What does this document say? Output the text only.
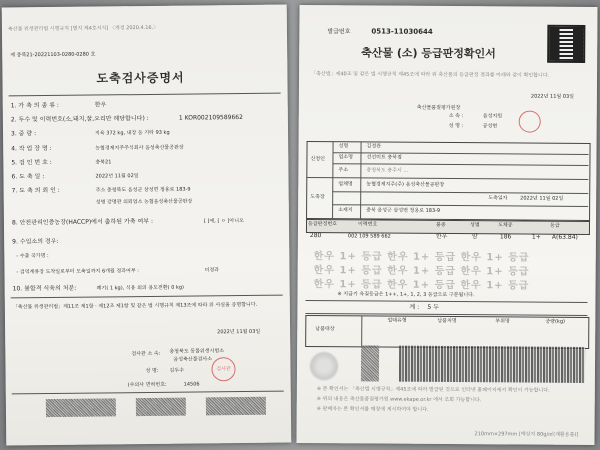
축산물 위생관리법 시행규칙 [별지 제4호서식] 〈개정 2020.4.16.〉
제 충북21-20221103-0280-0280 호
도축검사증명서
1. 가 축 의 종 류 :	한우
2. 두수 및 이력번호(소,돼지,꿀,오리만 해당합니다) :	1 KOR002109589662
3. 중 량 :	지육 372 kg, 내장 등 기타 93 kg
4. 작 업 장 명 :	농협경제지주주식회사 음성축산물공판장
5. 검 인 번 호 :	충북21
6. 도 축 일 :	2022년 11월 02일
7. 도 축 의 뢰 인 :	주소 충청북도 음성군 삼성면 청용로 183-9
성명 강명관 의뢰업소 농협음성축산물공판장
8. 안전관리인증농장(HACCP)에서 출하된 가축 여부 :	[ ]예, [ ㅇ ]아니오
9. 수입소의 경우:
- 수출 국가명 :
- 검역계류장 도착일로부터 도축일까지 6개월 경과여부 :	미경과
10. 불합격 식육의 처분:	폐기( 1 kg), 식용 외의 용도전환( 0 kg)
「축산물 위생관리법」제11조 제1항 · 제12조 제1항 및 같은 법 시행규칙 제13조에 따라 위 사실을 증명합니다.
2022년 11월 03일
검사관 소 속: 충청북도 동물위생시험소
음성축산물검사소
성 명: 김두수
(수의사 면허번호:	14506
검사관
발급번호	0513-11030644
축산물 (소) 등급판정확인서
「축산법」제40조 및 같은 법 시행규칙 제45조에 따라 위 축산물의 등급판정 결과를 아래와 같이 확인합니다.
2022년 11월 03일
축산물품질평가원장
소 속 :	음성지원
성 명 :	공성현
신청인
도축장
성명	김정관
업소명	선선미트 충북점
주소	충청북도 충주시 ...
업체명	농협경제지주(주) 음성축산물공판장
도축일자	2022년 11월 02일
소재지	충북 음성군 삼성면 청용로 183-9
등급판정번호	이력번호	품종	성별	도체중	등급
280	002 109 589 662	한우	암	186	1+ A(63.84)
한우 1+ 등급 한우 1+ 등급 한우 1+ 등급
한우 1+ 등급 한우 1+ 등급 한우 1+ 등급
한우 1+ 등급 한우 1+ 등급 한우 1+ 등급
※ 지급기 육질등급은 1++, 1+, 1, 2, 3 등급으로 구분됩니다.
계 : 5 두
남품대상
업태유형	납품처명	부위명	중량(kg)
※ 본 확인서는 「축산법 시행규칙」제45조에 따라 발급된 것으로 인터넷 홈페이지에서 확인이 가능합니다.
※ 위의 내용은 축산물품질평가원 www.ekape.or.kr 에서 조회 가능합니다.
※ 판매자는 본 확인서를 매장에 게시하여야 합니다.
210mm×297mm [백상지 80g/㎡(재활용품)]
